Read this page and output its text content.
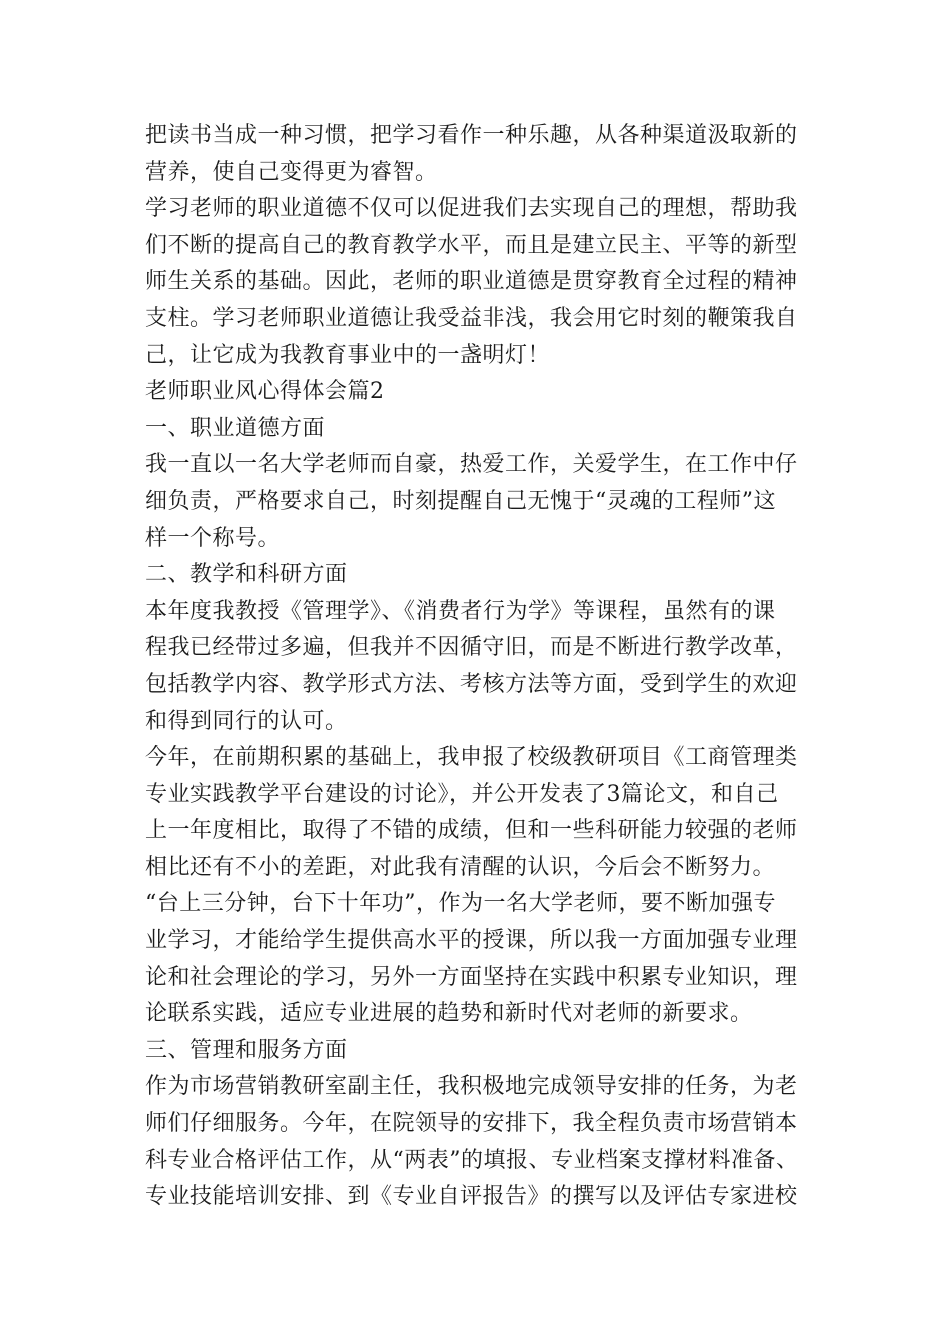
把读书当成一种习惯，把学习看作一种乐趣，从各种渠道汲取新的
营养，使自己变得更为睿智。
学习老师的职业道德不仅可以促进我们去实现自己的理想，帮助我
们不断的提高自己的教育教学水平，而且是建立民主、平等的新型
师生关系的基础。因此，老师的职业道德是贯穿教育全过程的精神
支柱。学习老师职业道德让我受益非浅，我会用它时刻的鞭策我自
己，让它成为我教育事业中的一盏明灯！
老师职业风心得体会篇2
一、职业道德方面
我一直以一名大学老师而自豪，热爱工作，关爱学生，在工作中仔
细负责，严格要求自己，时刻提醒自己无愧于“灵魂的工程师”这
样一个称号。
二、教学和科研方面
本年度我教授《管理学》、《消费者行为学》等课程，虽然有的课
程我已经带过多遍，但我并不因循守旧，而是不断进行教学改革，
包括教学内容、教学形式方法、考核方法等方面，受到学生的欢迎
和得到同行的认可。
今年，在前期积累的基础上，我申报了校级教研项目《工商管理类
专业实践教学平台建设的讨论》，并公开发表了3篇论文，和自己
上一年度相比，取得了不错的成绩，但和一些科研能力较强的老师
相比还有不小的差距，对此我有清醒的认识，今后会不断努力。
“台上三分钟，台下十年功”，作为一名大学老师，要不断加强专
业学习，才能给学生提供高水平的授课，所以我一方面加强专业理
论和社会理论的学习，另外一方面坚持在实践中积累专业知识，理
论联系实践，适应专业进展的趋势和新时代对老师的新要求。
三、管理和服务方面
作为市场营销教研室副主任，我积极地完成领导安排的任务，为老
师们仔细服务。今年，在院领导的安排下，我全程负责市场营销本
科专业合格评估工作，从“两表”的填报、专业档案支撑材料准备、
专业技能培训安排、到《专业自评报告》的撰写以及评估专家进校
